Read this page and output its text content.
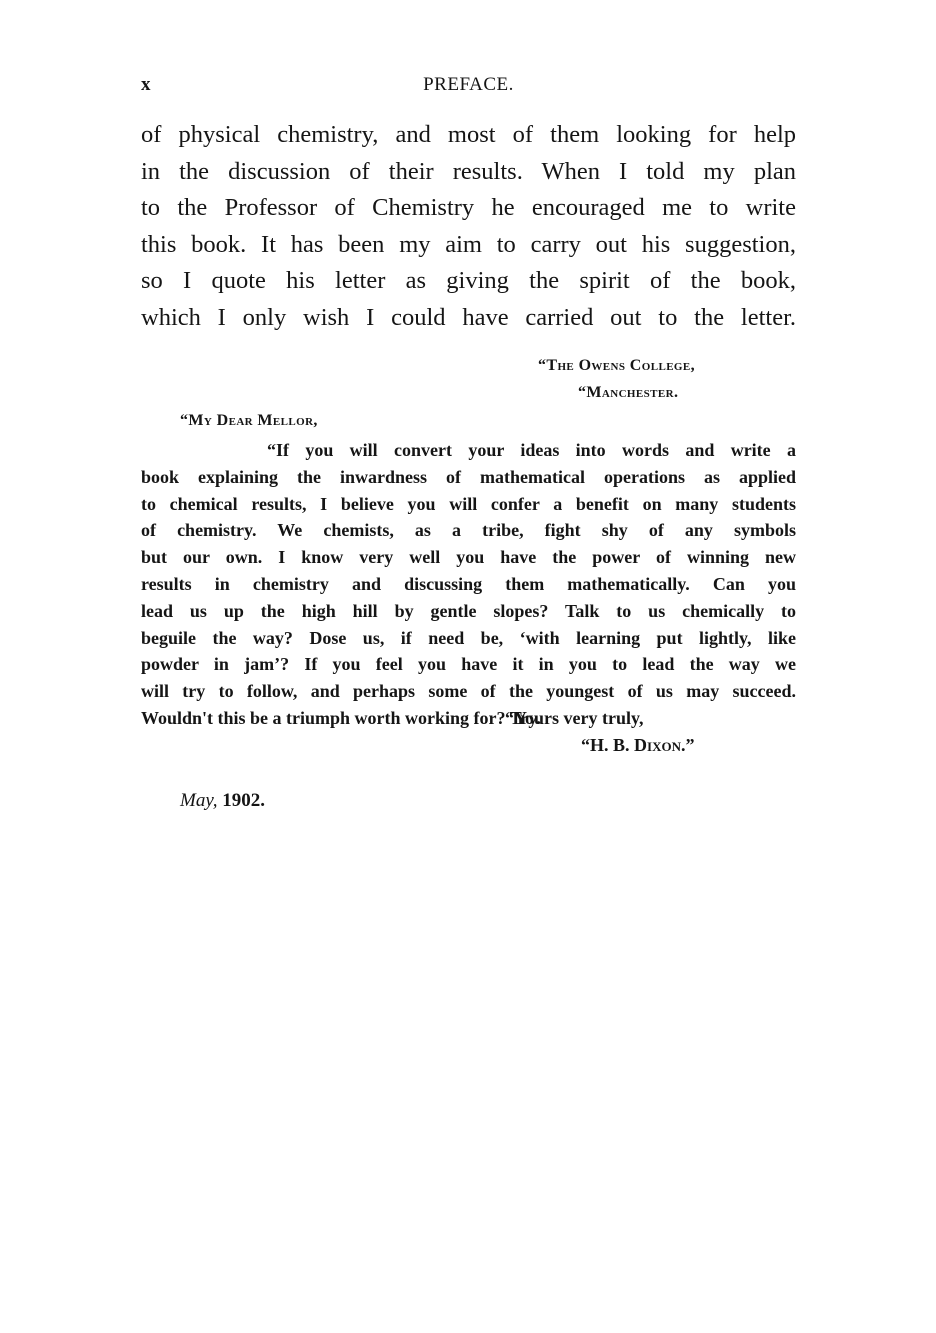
x	PREFACE.
of physical chemistry, and most of them looking for help
in the discussion of their results. When I told my plan
to the Professor of Chemistry he encouraged me to write
this book. It has been my aim to carry out his suggestion,
so I quote his letter as giving the spirit of the book,
which I only wish I could have carried out to the letter.
“The Owens College,
“Manchester.
“My Dear Mellor,
“If you will convert your ideas into words and write a
book explaining the inwardness of mathematical operations as applied
to chemical results, I believe you will confer a benefit on many students
of chemistry. We chemists, as a tribe, fight shy of any symbols
but our own. I know very well you have the power of winning new
results in chemistry and discussing them mathematically. Can you
lead us up the high hill by gentle slopes? Talk to us chemically to
beguile the way? Dose us, if need be, ‘with learning put lightly, like
powder in jam’? If you feel you have it in you to lead the way we
will try to follow, and perhaps some of the youngest of us may succeed.
Wouldn't this be a triumph worth working for? Try.
“Yours very truly,
“H. B. Dixon.”
May, 1902.
